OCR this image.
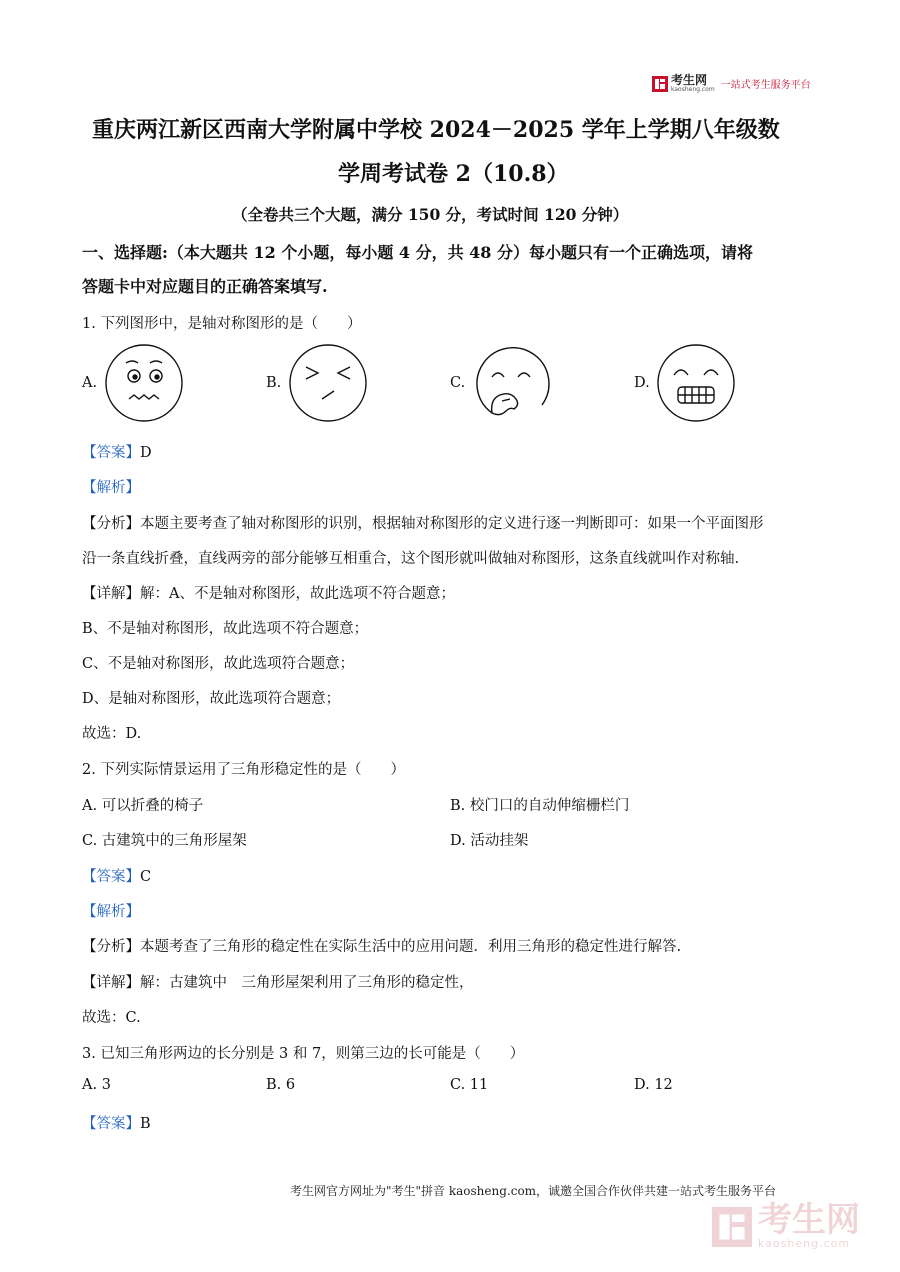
考生网
kaosheng.com 一站式考生服务平台
重庆两江新区西南大学附属中学校 2024－2025 学年上学期八年级数
学周考试卷 2（10.8）
（全卷共三个大题，满分 150 分，考试时间 120 分钟）
一、选择题:（本大题共 12 个小题，每小题 4 分，共 48 分）每小题只有一个正确选项，请将
答题卡中对应题目的正确答案填写.
1. 下列图形中，是轴对称图形的是（　　）
A.	B.	C.	D.
【答案】D
【解析】
【分析】本题主要考查了轴对称图形的识别，根据轴对称图形的定义进行逐一判断即可：如果一个平面图形
沿一条直线折叠，直线两旁的部分能够互相重合，这个图形就叫做轴对称图形，这条直线就叫作对称轴.
【详解】解：A、不是轴对称图形，故此选项不符合题意；
B、不是轴对称图形，故此选项不符合题意；
C、不是轴对称图形，故此选项符合题意；
D、是轴对称图形，故此选项符合题意；
故选：D.
2. 下列实际情景运用了三角形稳定性的是（　　）
A. 可以折叠的椅子	B. 校门口的自动伸缩栅栏门
C. 古建筑中的三角形屋架	D. 活动挂架
【答案】C
【解析】
【分析】本题考查了三角形的稳定性在实际生活中的应用问题．利用三角形的稳定性进行解答.
【详解】解：古建筑中　三角形屋架利用了三角形的稳定性，
故选：C.
3. 已知三角形两边的长分别是 3 和 7，则第三边的长可能是（　　）
A. 3	B. 6	C. 11	D. 12
【答案】B
考生网官方网址为"考生"拼音 kaosheng.com，诚邀全国合作伙伴共建一站式考生服务平台
考生网
kaosheng.com
